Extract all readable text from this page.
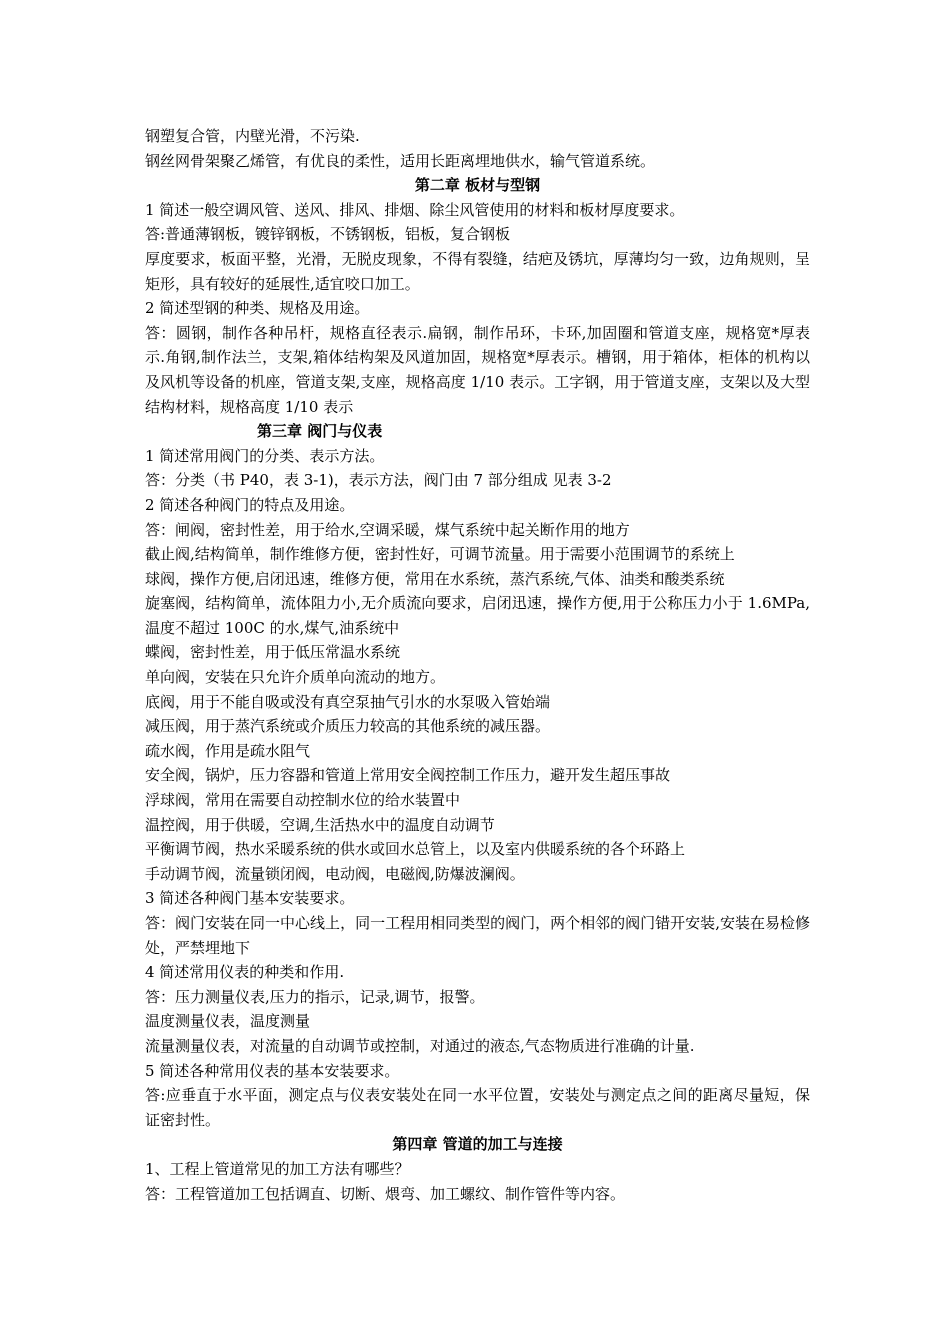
钢塑复合管，内壁光滑，不污染.

钢丝网骨架聚乙烯管，有优良的柔性，适用长距离埋地供水，输气管道系统。

第二章 板材与型钢

1 简述一般空调风管、送风、排风、排烟、除尘风管使用的材料和板材厚度要求。

答:普通薄钢板，镀锌钢板，不锈钢板，铝板，复合钢板

厚度要求，板面平整，光滑，无脱皮现象，不得有裂缝，结疤及锈坑，厚薄均匀一致，边角规则，呈矩形，具有较好的延展性,适宜咬口加工。

2 简述型钢的种类、规格及用途。

答：圆钢，制作各种吊杆，规格直径表示.扁钢，制作吊环，卡环,加固圈和管道支座，规格宽*厚表示.角钢,制作法兰，支架,箱体结构架及风道加固，规格宽*厚表示。槽钢，用于箱体，柜体的机构以及风机等设备的机座，管道支架,支座，规格高度 1/10 表示。工字钢，用于管道支座，支架以及大型结构材料，规格高度 1/10 表示

第三章 阀门与仪表

1 简述常用阀门的分类、表示方法。

答：分类（书 P40，表 3-1)，表示方法，阀门由 7 部分组成 见表 3-2

2 简述各种阀门的特点及用途。

答：闸阀，密封性差，用于给水,空调采暖，煤气系统中起关断作用的地方

截止阀,结构简单，制作维修方便，密封性好，可调节流量。用于需要小范围调节的系统上

球阀，操作方便,启闭迅速，维修方便，常用在水系统，蒸汽系统,气体、油类和酸类系统

旋塞阀，结构简单，流体阻力小,无介质流向要求，启闭迅速，操作方便,用于公称压力小于 1.6MPa,温度不超过 100C 的水,煤气,油系统中

蝶阀，密封性差，用于低压常温水系统

单向阀，安装在只允许介质单向流动的地方。

底阀，用于不能自吸或没有真空泵抽气引水的水泵吸入管始端

减压阀，用于蒸汽系统或介质压力较高的其他系统的减压器。

疏水阀，作用是疏水阻气

安全阀，锅炉，压力容器和管道上常用安全阀控制工作压力，避开发生超压事故

浮球阀，常用在需要自动控制水位的给水装置中

温控阀，用于供暖，空调,生活热水中的温度自动调节

平衡调节阀，热水采暖系统的供水或回水总管上，以及室内供暖系统的各个环路上

手动调节阀，流量锁闭阀，电动阀，电磁阀,防爆波澜阀。

3 简述各种阀门基本安装要求。

答：阀门安装在同一中心线上，同一工程用相同类型的阀门，两个相邻的阀门错开安装,安装在易检修处，严禁埋地下

4 简述常用仪表的种类和作用.

答：压力测量仪表,压力的指示，记录,调节，报警。

温度测量仪表，温度测量

流量测量仪表，对流量的自动调节或控制，对通过的液态,气态物质进行准确的计量.

5 简述各种常用仪表的基本安装要求。

答:应垂直于水平面，测定点与仪表安装处在同一水平位置，安装处与测定点之间的距离尽量短，保证密封性。

第四章 管道的加工与连接

1、工程上管道常见的加工方法有哪些？

答：工程管道加工包括调直、切断、煨弯、加工螺纹、制作管件等内容。
